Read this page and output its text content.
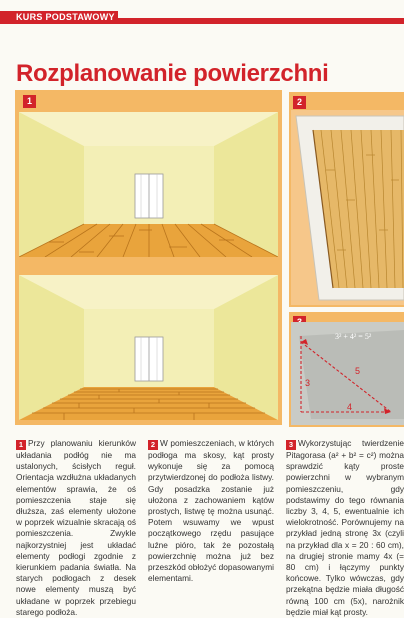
KURS PODSTAWOWY
Rozplanowanie powierzchni
1	2
3² + 4² = 5²
3
4
5
1 Przy planowaniu kierunków układania podłóg nie ma ustalonych, ścisłych reguł. Orientacja wzdłużna układanych elementów sprawia, że oś pomieszczenia staje się dłuższa, zaś elementy ułożone w poprzek wizualnie skracają oś pomieszczenia. Zwykle najkorzystniej jest układać elementy podłogi zgodnie z kierunkiem padania światła. Na starych podłogach z desek nowe elementy muszą być układane w poprzek przebiegu starego podłoża.
2 W pomieszczeniach, w których podłoga ma skosy, kąt prosty wykonuje się za pomocą przytwierdzonej do podłoża listwy. Gdy posadzka zostanie już ułożona z zachowaniem kątów prostych, listwę tę można usunąć. Potem wsuwamy we wpust początkowego rzędu pasujące luźne pióro, tak że pozostałą powierzchnię można już bez przeszkód obłożyć dopasowanymi elementami.
3 Wykorzystując twierdzenie Pitagorasa (a² + b² = c²) można sprawdzić kąty proste powierzchni w wybranym pomieszczeniu, gdy podstawimy do tego równania liczby 3, 4, 5, ewentualnie ich wielokrotność. Porównujemy na przykład jedną stronę 3x (czyli na przykład dla x = 20 : 60 cm), na drugiej stronie mamy 4x (= 80 cm) i łączymy punkty końcowe. Tylko wówczas, gdy przekątna będzie miała długość równą 100 cm (5x), narożnik będzie miał kąt prosty.
